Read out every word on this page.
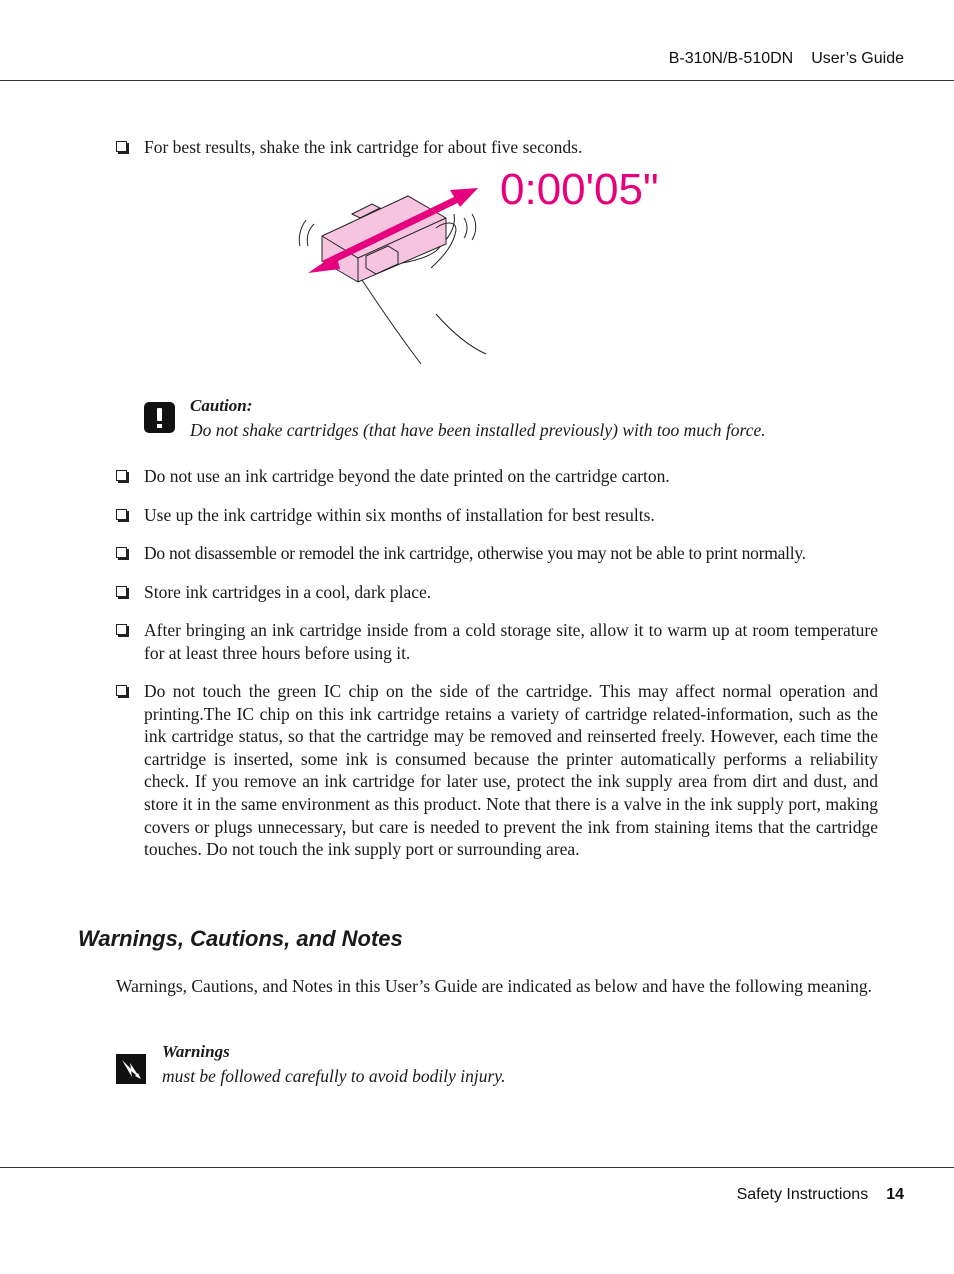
B-310N/B-510DN User’s Guide
For best results, shake the ink cartridge for about five seconds.
0:00'05"
Caution:
Do not shake cartridges (that have been installed previously) with too much force.
Do not use an ink cartridge beyond the date printed on the cartridge carton.
Use up the ink cartridge within six months of installation for best results.
Do not disassemble or remodel the ink cartridge, otherwise you may not be able to print normally.
Store ink cartridges in a cool, dark place.
After bringing an ink cartridge inside from a cold storage site, allow it to warm up at room temperature for at least three hours before using it.
Do not touch the green IC chip on the side of the cartridge. This may affect normal operation and printing.The IC chip on this ink cartridge retains a variety of cartridge related-information, such as the ink cartridge status, so that the cartridge may be removed and reinserted freely. However, each time the cartridge is inserted, some ink is consumed because the printer automatically performs a reliability check. If you remove an ink cartridge for later use, protect the ink supply area from dirt and dust, and store it in the same environment as this product. Note that there is a valve in the ink supply port, making covers or plugs unnecessary, but care is needed to prevent the ink from staining items that the cartridge touches. Do not touch the ink supply port or surrounding area.
Warnings, Cautions, and Notes
Warnings, Cautions, and Notes in this User’s Guide are indicated as below and have the following meaning.
Warnings
must be followed carefully to avoid bodily injury.
Safety Instructions 14
